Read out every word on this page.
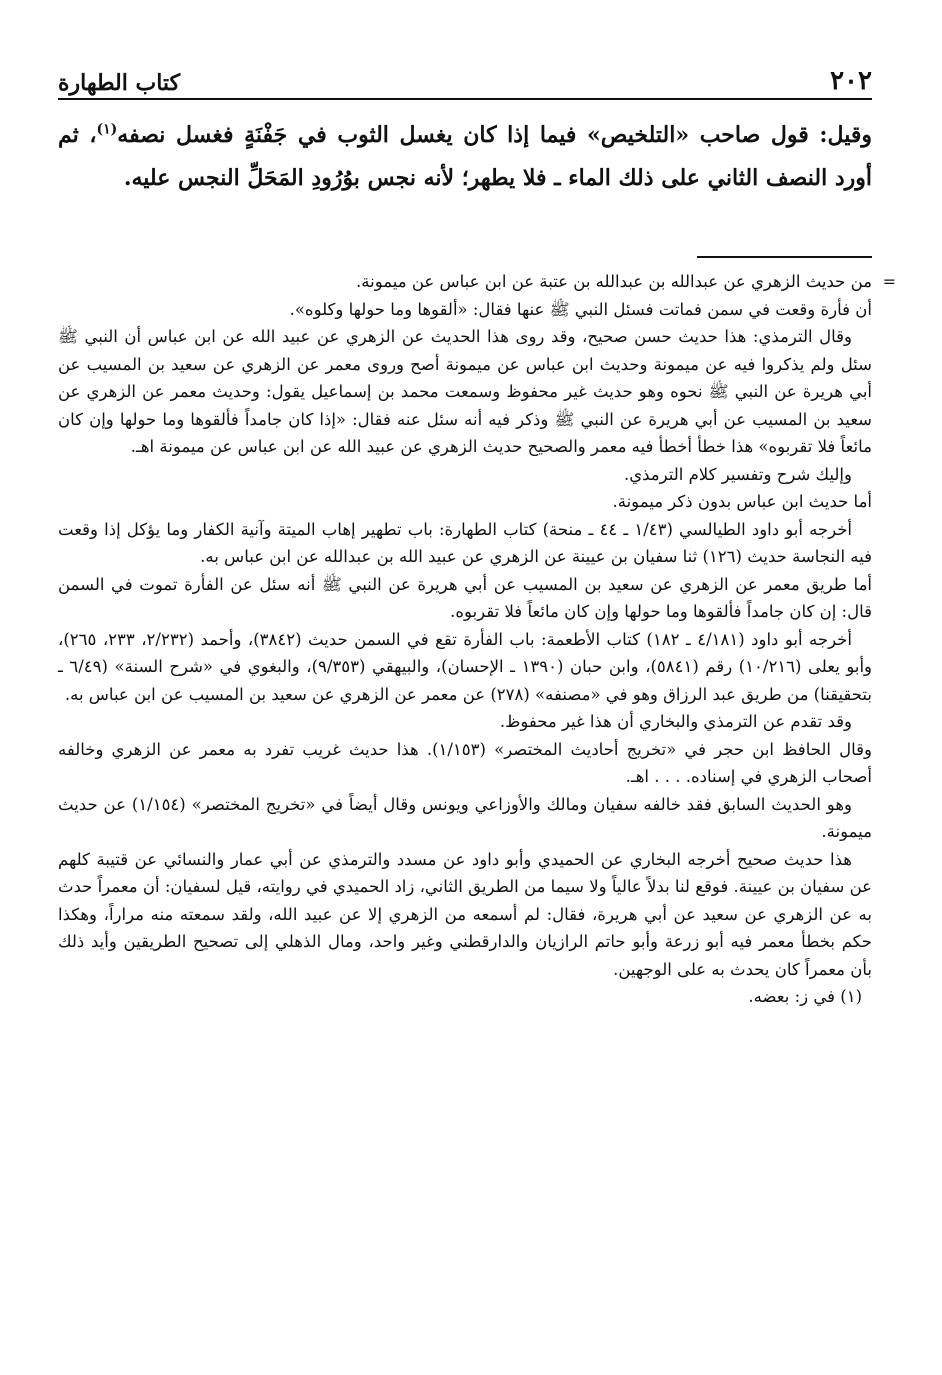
٢٠٢
كتاب الطهارة

وقيل: قول صاحب «التلخيص» فيما إذا كان يغسل الثوب في جَفْنَةٍ فغسل نصفه$^{(١)}$، ثم أورد النصف الثاني على ذلك الماء ـ فلا يطهر؛ لأنه نجس بوُرُودِ المَحَلِّ النجس عليه.

=

من حديث الزهري عن عبدالله بن عبدالله بن عتبة عن ابن عباس عن ميمونة.

أن فأرة وقعت في سمن فماتت فسئل النبي ﷺ عنها فقال: «ألقوها وما حولها وكلوه».

وقال الترمذي: هذا حديث حسن صحيح، وقد روى هذا الحديث عن الزهري عن عبيد الله عن ابن عباس أن النبي ﷺ سئل ولم يذكروا فيه عن ميمونة وحديث ابن عباس عن ميمونة أصح وروى معمر عن الزهري عن سعيد بن المسيب عن أبي هريرة عن النبي ﷺ نحوه وهو حديث غير محفوظ وسمعت محمد بن إسماعيل يقول: وحديث معمر عن الزهري عن سعيد بن المسيب عن أبي هريرة عن النبي ﷺ وذكر فيه أنه سئل عنه فقال: «إذا كان جامداً فألقوها وما حولها وإن كان مائعاً فلا تقربوه» هذا خطأ أخطأ فيه معمر والصحيح حديث الزهري عن عبيد الله عن ابن عباس عن ميمونة اهـ.

وإليك شرح وتفسير كلام الترمذي.

أما حديث ابن عباس بدون ذكر ميمونة.

أخرجه أبو داود الطيالسي (١/٤٣ ـ ٤٤ ـ منحة) كتاب الطهارة: باب تطهير إهاب الميتة وآنية الكفار وما يؤكل إذا وقعت فيه النجاسة حديث (١٢٦) ثنا سفيان بن عيينة عن الزهري عن عبيد الله بن عبدالله عن ابن عباس به.

أما طريق معمر عن الزهري عن سعيد بن المسيب عن أبي هريرة عن النبي ﷺ أنه سئل عن الفأرة تموت في السمن قال: إن كان جامداً فألقوها وما حولها وإن كان مائعاً فلا تقربوه.

أخرجه أبو داود (٤/١٨١ ـ ١٨٢) كتاب الأطعمة: باب الفأرة تقع في السمن حديث (٣٨٤٢)، وأحمد (٢/٢٣٢، ٢٣٣، ٢٦٥)، وأبو يعلى (١٠/٢١٦) رقم (٥٨٤١)، وابن حبان (١٣٩٠ ـ الإحسان)، والبيهقي (٩/٣٥٣)، والبغوي في «شرح السنة» (٦/٤٩ ـ بتحقيقنا) من طريق عبد الرزاق وهو في «مصنفه» (٢٧٨) عن معمر عن الزهري عن سعيد بن المسيب عن ابن عباس به.

وقد تقدم عن الترمذي والبخاري أن هذا غير محفوظ.

وقال الحافظ ابن حجر في «تخريج أحاديث المختصر» (١/١٥٣). هذا حديث غريب تفرد به معمر عن الزهري وخالفه أصحاب الزهري في إسناده. . . . اهـ.

وهو الحديث السابق فقد خالفه سفيان ومالك والأوزاعي ويونس وقال أيضاً في «تخريج المختصر» (١/١٥٤) عن حديث ميمونة.

هذا حديث صحيح أخرجه البخاري عن الحميدي وأبو داود عن مسدد والترمذي عن أبي عمار والنسائي عن قتيبة كلهم عن سفيان بن عيينة. فوقع لنا بدلاً عالياً ولا سيما من الطريق الثاني، زاد الحميدي في روايته، قيل لسفيان: أن معمراً حدث به عن الزهري عن سعيد عن أبي هريرة، فقال: لم أسمعه من الزهري إلا عن عبيد الله، ولقد سمعته منه مراراً، وهكذا حكم بخطأ معمر فيه أبو زرعة وأبو حاتم الرازيان والدارقطني وغير واحد، ومال الذهلي إلى تصحيح الطريقين وأيد ذلك بأن معمراً كان يحدث به على الوجهين.

(١) في ز: بعضه.
